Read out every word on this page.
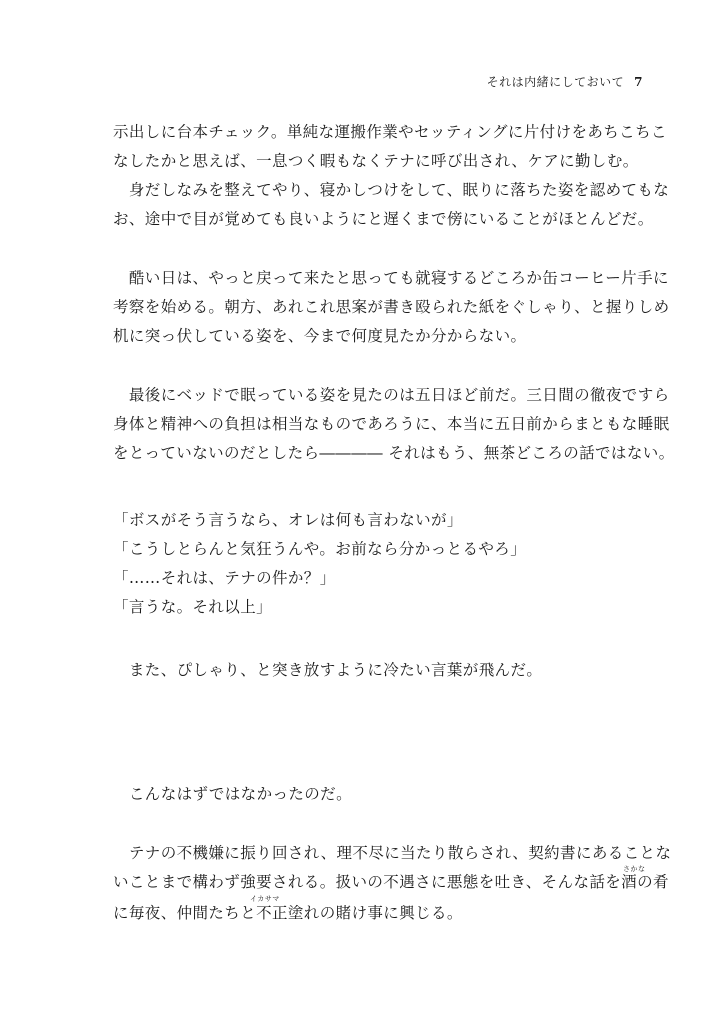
それは内緒にしておいて 7
示出しに台本チェック。単純な運搬作業やセッティングに片付けをあちこちこ
なしたかと思えば、一息つく暇もなくテナに呼び出され、ケアに勤しむ。
　身だしなみを整えてやり、寝かしつけをして、眠りに落ちた姿を認めてもな
お、途中で目が覚めても良いようにと遅くまで傍にいることがほとんどだ。
　酷い日は、やっと戻って来たと思っても就寝するどころか缶コーヒー片手に
考察を始める。朝方、あれこれ思案が書き殴られた紙をぐしゃり、と握りしめ
机に突っ伏している姿を、今まで何度見たか分からない。
　最後にベッドで眠っている姿を見たのは五日ほど前だ。三日間の徹夜ですら
身体と精神への負担は相当なものであろうに、本当に五日前からまともな睡眠
をとっていないのだとしたら―――― それはもう、無茶どころの話ではない。
「ボスがそう言うなら、オレは何も言わないが」
「こうしとらんと気狂うんや。お前なら分かっとるやろ」
「……それは、テナの件か？」
「言うな。それ以上」
　また、ぴしゃり、と突き放すように冷たい言葉が飛んだ。
　こんなはずではなかったのだ。
　テナの不機嫌に振り回され、理不尽に当たり散らされ、契約書にあることな
いことまで構わず強要される。扱いの不遇さに悪態を吐き、そんな話を酒の肴
に毎夜、仲間たちと不正塗れの賭け事に興じる。
さかな
イカサマ
